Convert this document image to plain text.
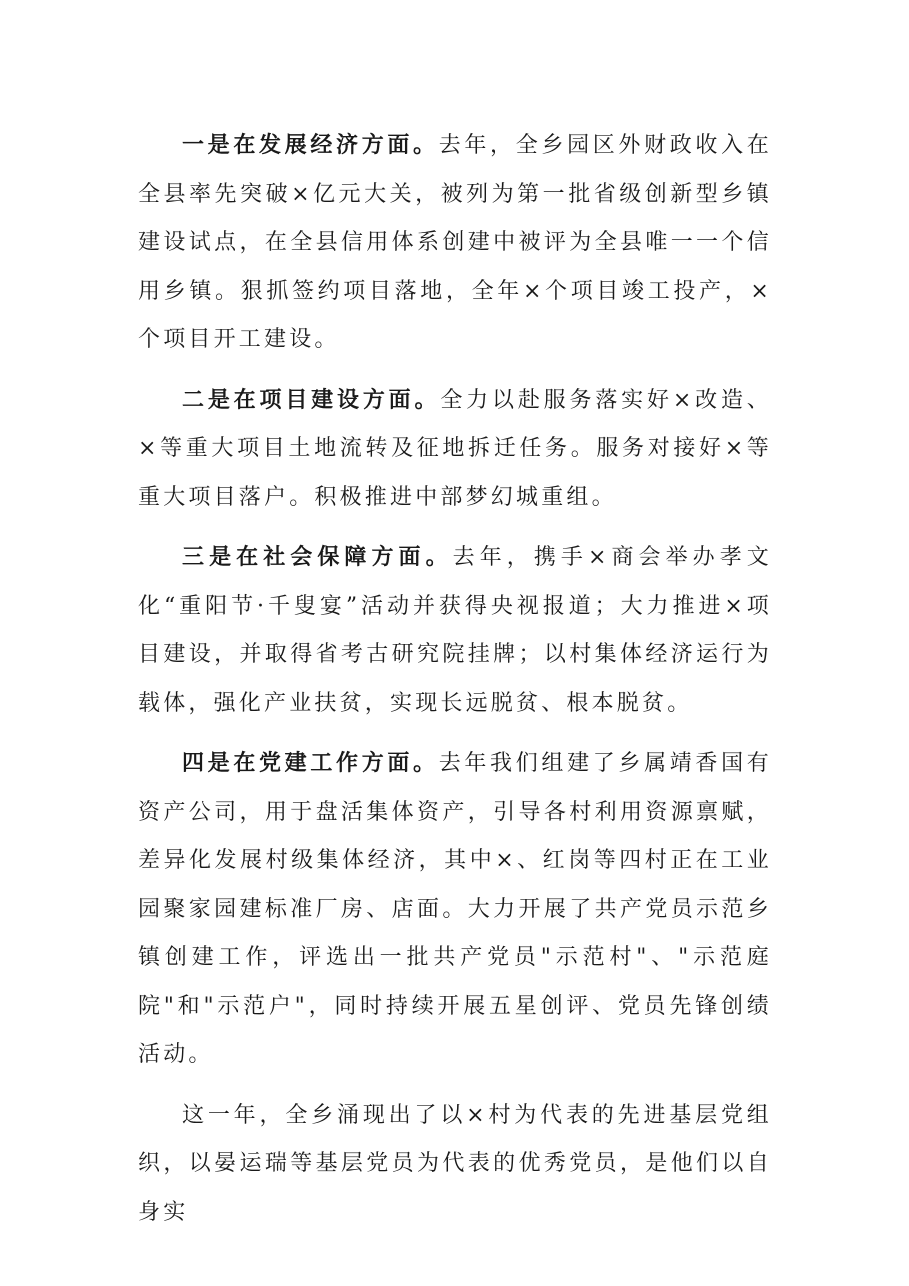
一是在发展经济方面。去年，全乡园区外财政收入在全县率先突破×亿元大关，被列为第一批省级创新型乡镇建设试点，在全县信用体系创建中被评为全县唯一一个信用乡镇。狠抓签约项目落地，全年×个项目竣工投产，×个项目开工建设。

二是在项目建设方面。全力以赴服务落实好×改造、×等重大项目土地流转及征地拆迁任务。服务对接好×等重大项目落户。积极推进中部梦幻城重组。

三是在社会保障方面。去年，携手×商会举办孝文化“重阳节·千叟宴”活动并获得央视报道；大力推进×项目建设，并取得省考古研究院挂牌；以村集体经济运行为载体，强化产业扶贫，实现长远脱贫、根本脱贫。

四是在党建工作方面。去年我们组建了乡属靖香国有资产公司，用于盘活集体资产，引导各村利用资源禀赋，差异化发展村级集体经济，其中×、红岗等四村正在工业园聚家园建标准厂房、店面。大力开展了共产党员示范乡镇创建工作，评选出一批共产党员"示范村"、"示范庭院"和"示范户"，同时持续开展五星创评、党员先锋创绩活动。

这一年，全乡涌现出了以×村为代表的先进基层党组织，以晏运瑞等基层党员为代表的优秀党员，是他们以自身实
